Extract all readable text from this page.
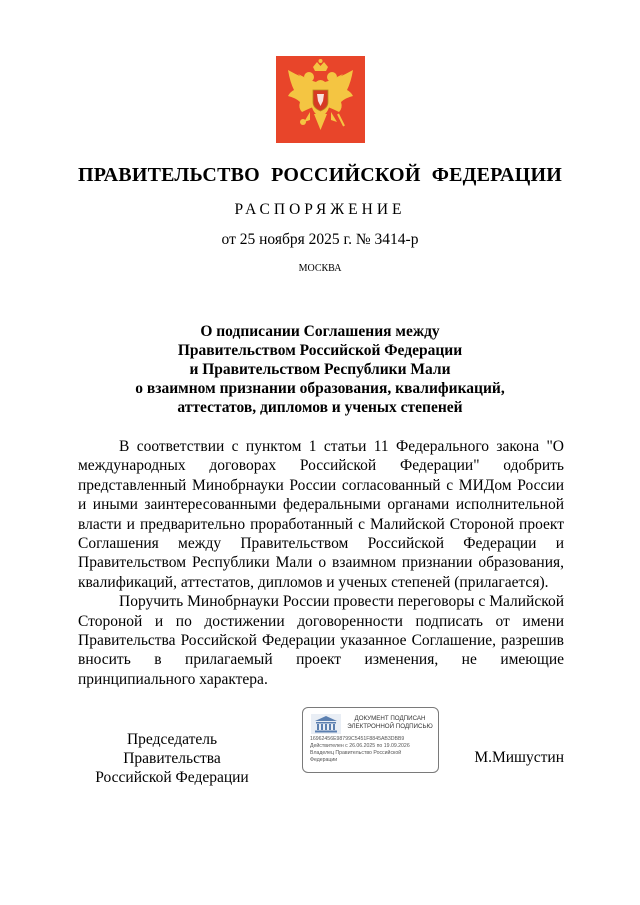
ПРАВИТЕЛЬСТВО РОССИЙСКОЙ ФЕДЕРАЦИИ
РАСПОРЯЖЕНИЕ
от 25 ноября 2025 г. № 3414-р
МОСКВА
О подписании Соглашения между
Правительством Российской Федерации
и Правительством Республики Мали
о взаимном признании образования, квалификаций,
аттестатов, дипломов и ученых степеней

В соответствии с пунктом 1 статьи 11 Федерального закона "О международных договорах Российской Федерации" одобрить представленный Минобрнауки России согласованный с МИДом России и иными заинтересованными федеральными органами исполнительной власти и предварительно проработанный с Малийской Стороной проект Соглашения между Правительством Российской Федерации и Правительством Республики Мали о взаимном признании образования, квалификаций, аттестатов, дипломов и ученых степеней (прилагается).

Поручить Минобрнауки России провести переговоры с Малийской Стороной и по достижении договоренности подписать от имени Правительства Российской Федерации указанное Соглашение, разрешив вносить в прилагаемый проект изменения, не имеющие принципиального характера.

Председатель Правительства
Российской Федерации
ДОКУМЕНТ ПОДПИСАН
ЭЛЕКТРОННОЙ ПОДПИСЬЮ
16962456E98799C5451F8845AB3DBB9
Действителен с 26.06.2025 по 19.09.2026
Владелец Правительство Российской
Федерации	М.Мишустин
